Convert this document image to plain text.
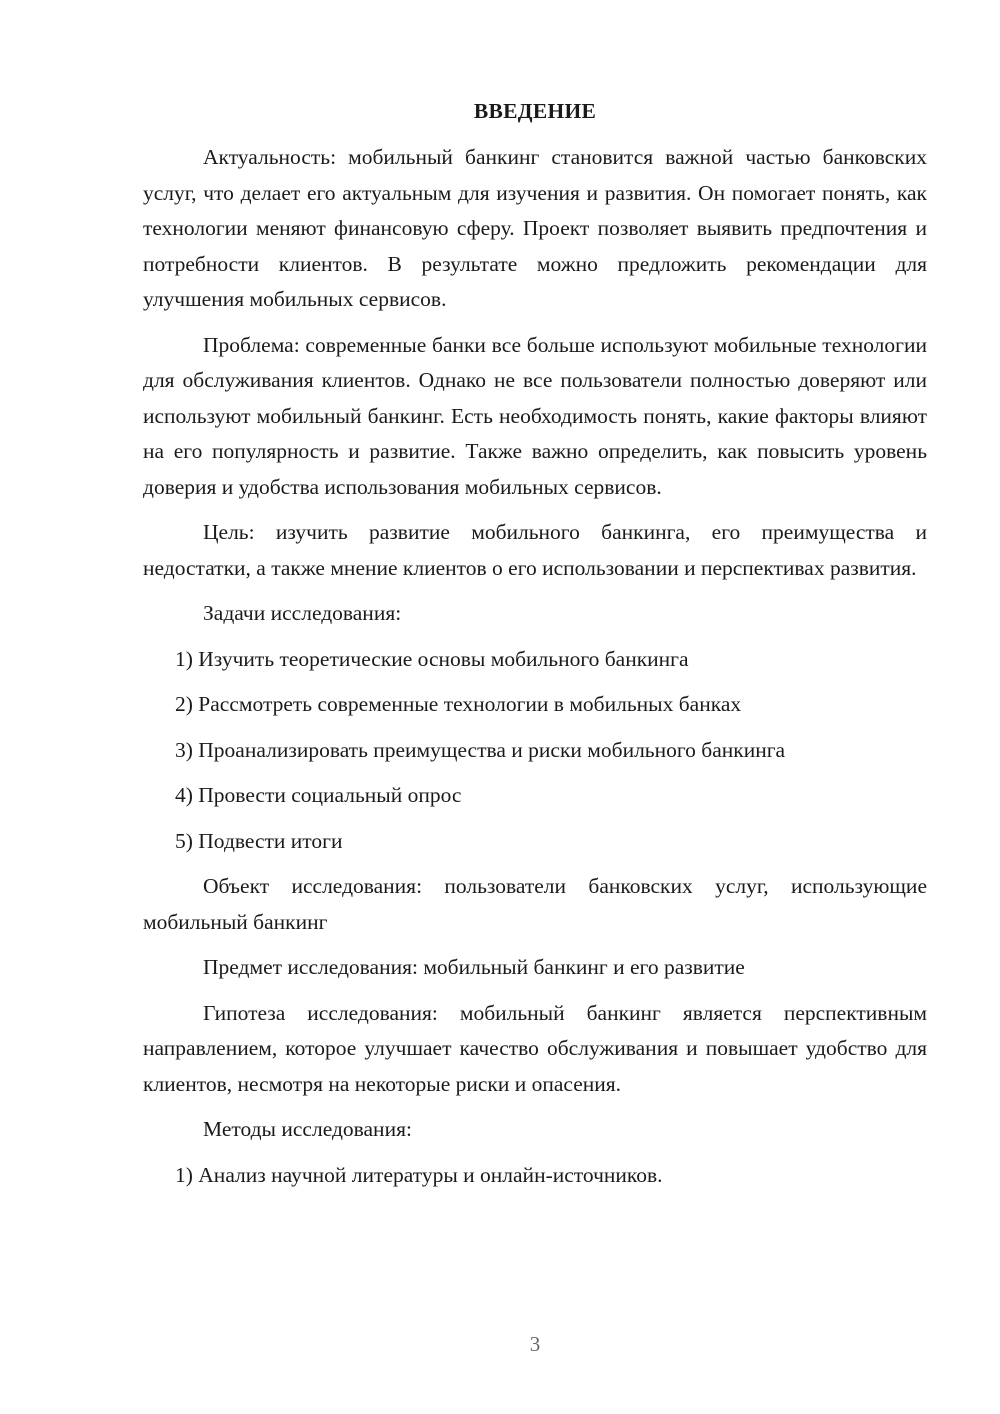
ВВЕДЕНИЕ

Актуальность: мобильный банкинг становится важной частью банковских услуг, что делает его актуальным для изучения и развития. Он помогает понять, как технологии меняют финансовую сферу. Проект позволяет выявить предпочтения и потребности клиентов. В результате можно предложить рекомендации для улучшения мобильных сервисов.

Проблема: современные банки все больше используют мобильные технологии для обслуживания клиентов. Однако не все пользователи полностью доверяют или используют мобильный банкинг. Есть необходимость понять, какие факторы влияют на его популярность и развитие. Также важно определить, как повысить уровень доверия и удобства использования мобильных сервисов.

Цель: изучить развитие мобильного банкинга, его преимущества и недостатки, а также мнение клиентов о его использовании и перспективах развития.

Задачи исследования:
1) Изучить теоретические основы мобильного банкинга
2) Рассмотреть современные технологии в мобильных банках
3) Проанализировать преимущества и риски мобильного банкинга
4) Провести социальный опрос
5) Подвести итоги

Объект исследования: пользователи банковских услуг, использующие мобильный банкинг

Предмет исследования: мобильный банкинг и его развитие

Гипотеза исследования: мобильный банкинг является перспективным направлением, которое улучшает качество обслуживания и повышает удобство для клиентов, несмотря на некоторые риски и опасения.

Методы исследования:
1) Анализ научной литературы и онлайн-источников.
3
